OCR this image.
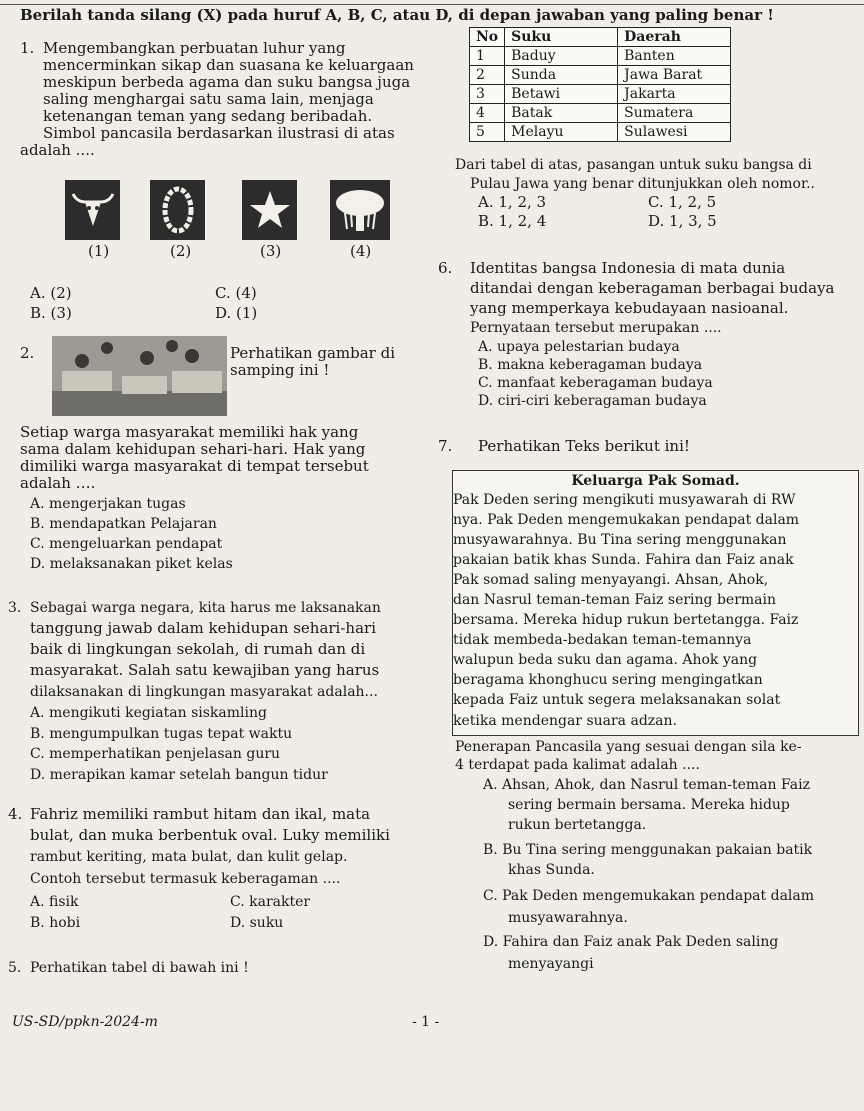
Berilah tanda silang (X) pada huruf A, B, C, atau D, di depan jawaban yang paling benar !
1. Mengembangkan perbuatan luhur yang
mencerminkan sikap dan suasana ke keluargaan
meskipun berbeda agama dan suku bangsa juga
saling menghargai satu sama lain, menjaga
ketenangan teman yang sedang beribadah.
Simbol pancasila berdasarkan ilustrasi di atas
adalah ....
(1)	(2)	(3)	(4)
A. (2)
B. (3)
C. (4)
D. (1)
2.	Perhatikan gambar di
samping ini !
Setiap warga masyarakat memiliki hak yang
sama dalam kehidupan sehari-hari. Hak yang
dimiliki warga masyarakat di tempat tersebut
adalah ….
A. mengerjakan tugas
B. mendapatkan Pelajaran
C. mengeluarkan pendapat
D. melaksanakan piket kelas
3. Sebagai warga negara, kita harus me laksanakan
tanggung jawab dalam kehidupan sehari-hari
baik di lingkungan sekolah, di rumah dan di
masyarakat. Salah satu kewajiban yang harus
dilaksanakan di lingkungan masyarakat adalah...
A. mengikuti kegiatan siskamling
B. mengumpulkan tugas tepat waktu
C. memperhatikan penjelasan guru
D. merapikan kamar setelah bangun tidur
4. Fahriz memiliki rambut hitam dan ikal, mata
bulat, dan muka berbentuk oval. Luky memiliki
rambut keriting, mata bulat, dan kulit gelap.
Contoh tersebut termasuk keberagaman ....
A. fisik
B. hobi
C. karakter
D. suku
5. Perhatikan tabel di bawah ini !
No	Suku	Daerah
1	Baduy	Banten
2	Sunda	Jawa Barat
3	Betawi	Jakarta
4	Batak	Sumatera
5	Melayu	Sulawesi
Dari tabel di atas, pasangan untuk suku bangsa di
Pulau Jawa yang benar ditunjukkan oleh nomor..
A. 1, 2, 3
B. 1, 2, 4
C. 1, 2, 5
D. 1, 3, 5
6. Identitas bangsa Indonesia di mata dunia
ditandai dengan keberagaman berbagai budaya
yang memperkaya kebudayaan nasioanal.
Pernyataan tersebut merupakan ....
A. upaya pelestarian budaya
B. makna keberagaman budaya
C. manfaat keberagaman budaya
D. ciri-ciri keberagaman budaya
7. Perhatikan Teks berikut ini!
Keluarga Pak Somad.
Pak Deden sering mengikuti musyawarah di RW
nya. Pak Deden mengemukakan pendapat dalam
musyawarahnya. Bu Tina sering menggunakan
pakaian batik khas Sunda. Fahira dan Faiz anak
Pak somad saling menyayangi. Ahsan, Ahok,
dan Nasrul teman-teman Faiz sering bermain
bersama. Mereka hidup rukun bertetangga. Faiz
tidak membeda-bedakan teman-temannya
walupun beda suku dan agama. Ahok yang
beragama khonghucu sering mengingatkan
kepada Faiz untuk segera melaksanakan solat
ketika mendengar suara adzan.
Penerapan Pancasila yang sesuai dengan sila ke-
4 terdapat pada kalimat adalah ....
A. Ahsan, Ahok, dan Nasrul teman-teman Faiz
sering bermain bersama. Mereka hidup
rukun bertetangga.
B. Bu Tina sering menggunakan pakaian batik
khas Sunda.
C. Pak Deden mengemukakan pendapat dalam
musyawarahnya.
D. Fahira dan Faiz anak Pak Deden saling
menyayangi
US-SD/ppkn-2024-m	- 1 -
